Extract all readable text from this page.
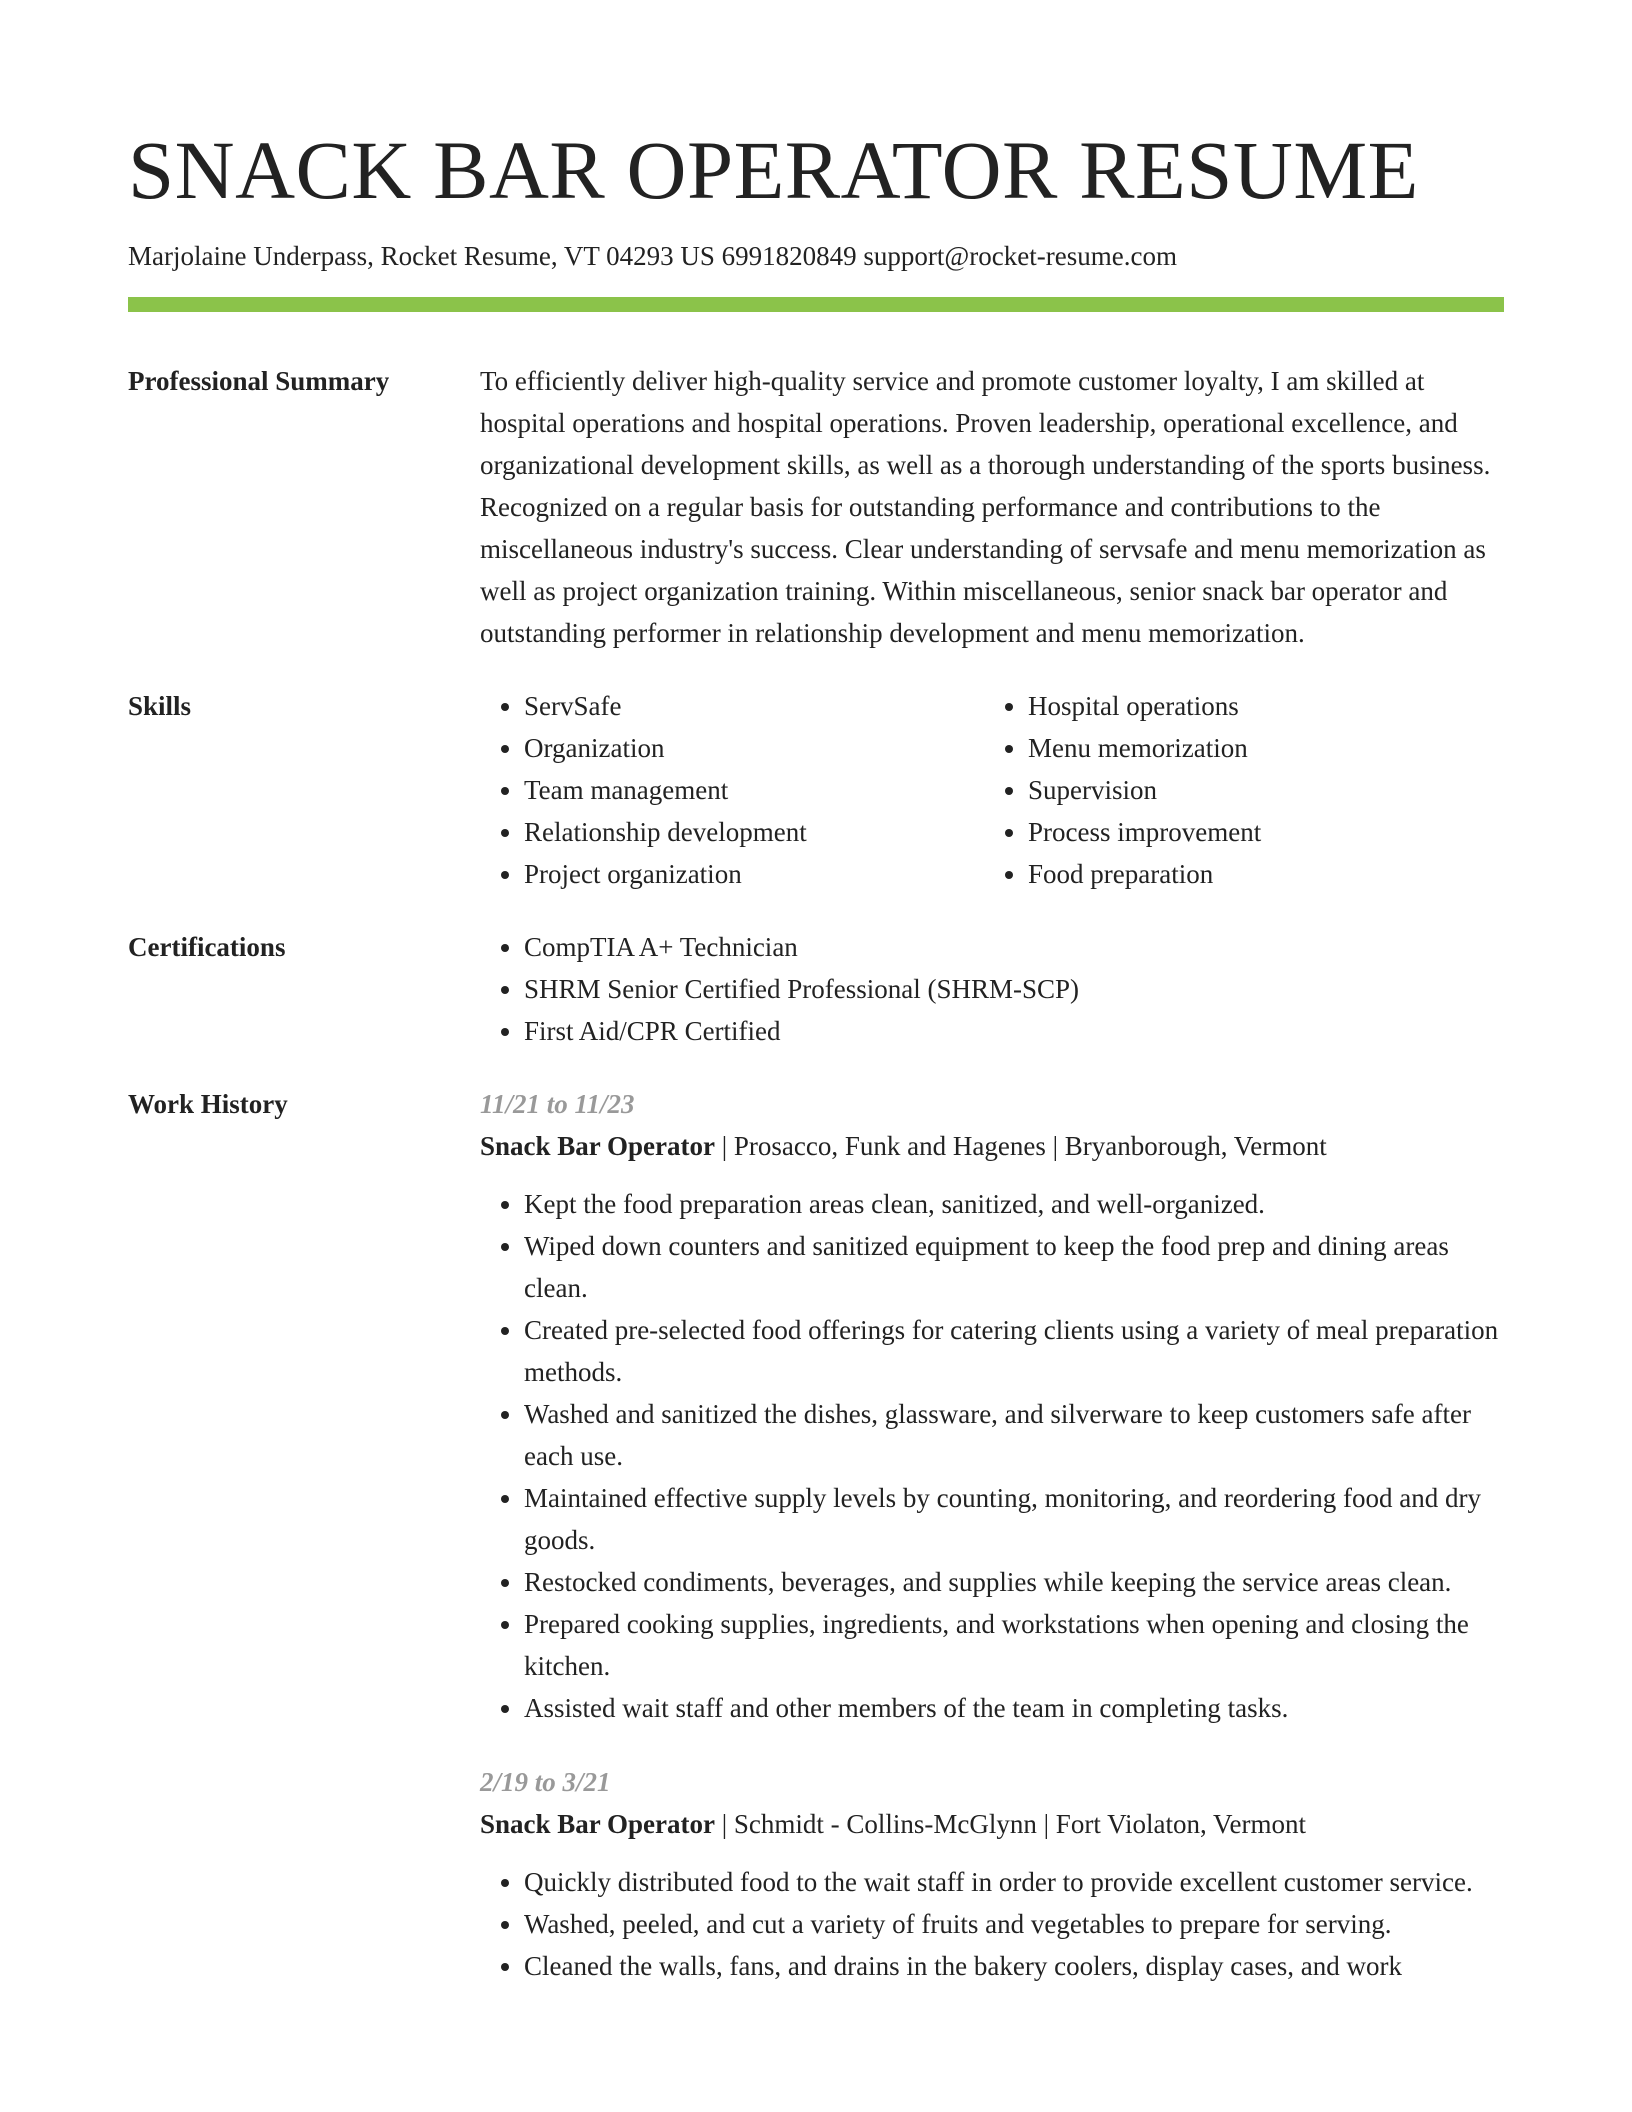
SNACK BAR OPERATOR RESUME
Marjolaine Underpass, Rocket Resume, VT 04293 US 6991820849 support@rocket-resume.com
Professional Summary	To efficiently deliver high-quality service and promote customer loyalty, I am skilled at hospital operations and hospital operations. Proven leadership, operational excellence, and organizational development skills, as well as a thorough understanding of the sports business. Recognized on a regular basis for outstanding performance and contributions to the miscellaneous industry's success. Clear understanding of servsafe and menu memorization as well as project organization training. Within miscellaneous, senior snack bar operator and outstanding performer in relationship development and menu memorization.

Skills	• ServSafe
• Organization
• Team management
• Relationship development
• Project organization
• Hospital operations
• Menu memorization
• Supervision
• Process improvement
• Food preparation
Certifications	• CompTIA A+ Technician
• SHRM Senior Certified Professional (SHRM-SCP)
• First Aid/CPR Certified
Work History	11/21 to 11/23
Snack Bar Operator | Prosacco, Funk and Hagenes | Bryanborough, Vermont
• Kept the food preparation areas clean, sanitized, and well-organized.
• Wiped down counters and sanitized equipment to keep the food prep and dining areas clean.
• Created pre-selected food offerings for catering clients using a variety of meal preparation methods.
• Washed and sanitized the dishes, glassware, and silverware to keep customers safe after each use.
• Maintained effective supply levels by counting, monitoring, and reordering food and dry goods.
• Restocked condiments, beverages, and supplies while keeping the service areas clean.
• Prepared cooking supplies, ingredients, and workstations when opening and closing the kitchen.
• Assisted wait staff and other members of the team in completing tasks.
2/19 to 3/21
Snack Bar Operator | Schmidt - Collins-McGlynn | Fort Violaton, Vermont
• Quickly distributed food to the wait staff in order to provide excellent customer service.
• Washed, peeled, and cut a variety of fruits and vegetables to prepare for serving.
• Cleaned the walls, fans, and drains in the bakery coolers, display cases, and work
